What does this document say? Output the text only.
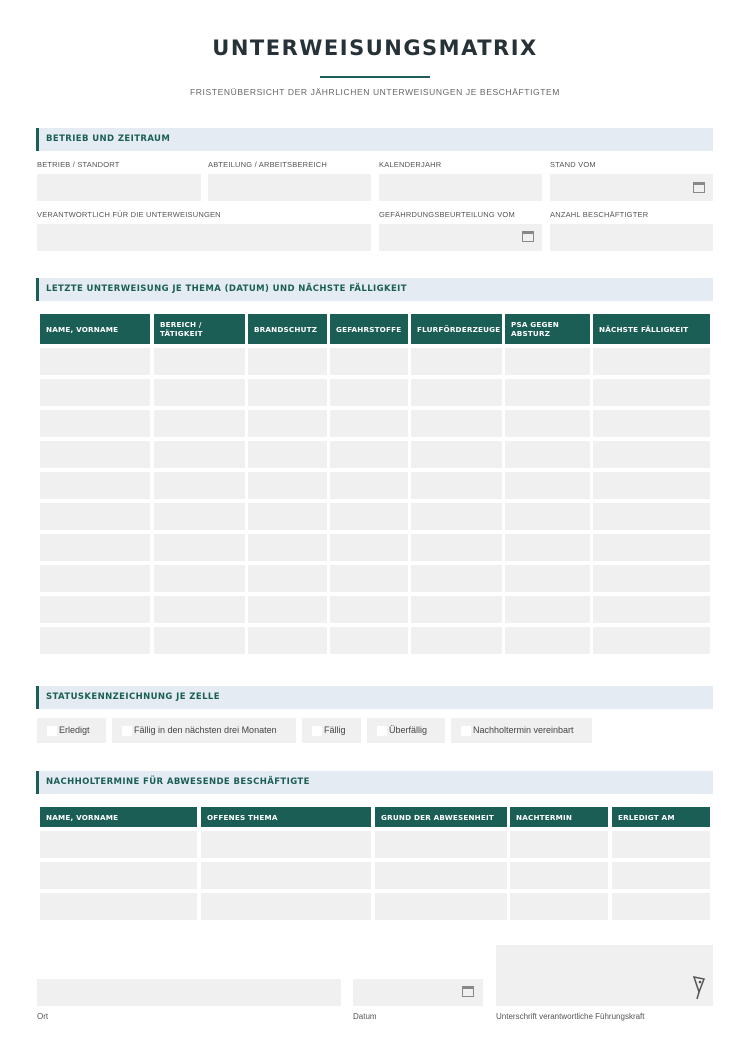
UNTERWEISUNGSMATRIX
FRISTENÜBERSICHT DER JÄHRLICHEN UNTERWEISUNGEN JE BESCHÄFTIGTEM
BETRIEB UND ZEITRAUM
BETRIEB / STANDORT	ABTEILUNG / ARBEITSBEREICH	KALENDERJAHR	STAND VOM
VERANTWORTLICH FÜR DIE UNTERWEISUNGEN	GEFÄHRDUNGSBEURTEILUNG VOM	ANZAHL BESCHÄFTIGTER
LETZTE UNTERWEISUNG JE THEMA (DATUM) UND NÄCHSTE FÄLLIGKEIT
NAME, VORNAME	BEREICH / TÄTIGKEIT	BRANDSCHUTZ	GEFAHRSTOFFE	FLURFÖRDERZEUGE	PSA GEGEN ABSTURZ	NÄCHSTE FÄLLIGKEIT
STATUSKENNZEICHNUNG JE ZELLE
Erledigt	Fällig in den nächsten drei Monaten	Fällig	Überfällig	Nachholtermin vereinbart
NACHHOLTERMINE FÜR ABWESENDE BESCHÄFTIGTE
NAME, VORNAME	OFFENES THEMA	GRUND DER ABWESENHEIT	NACHTERMIN	ERLEDIGT AM
Ort	Datum	Unterschrift verantwortliche Führungskraft
